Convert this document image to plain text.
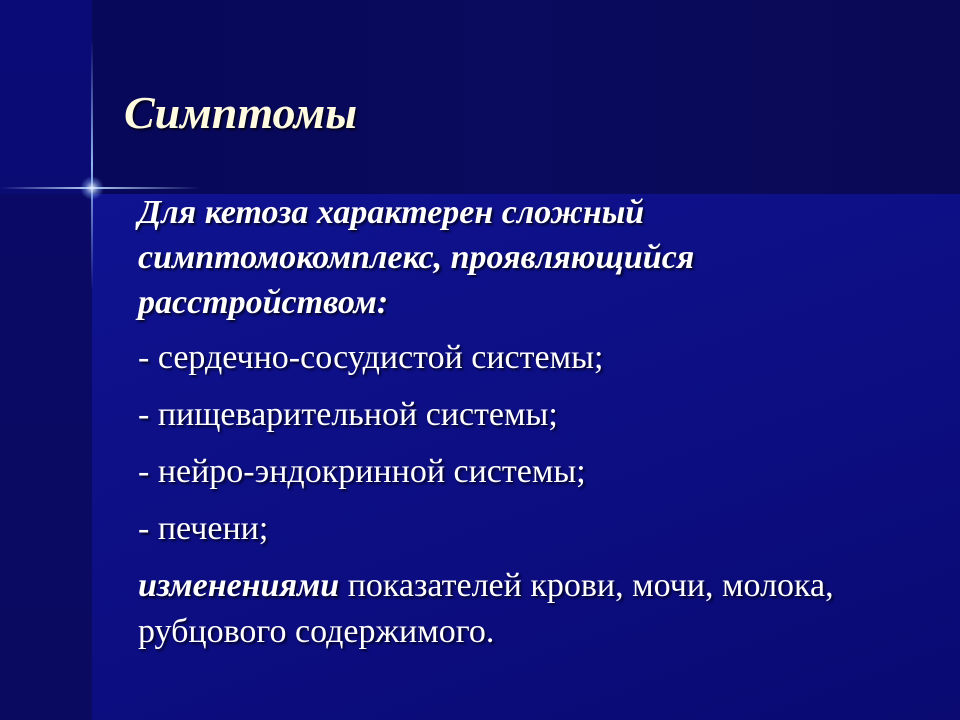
Симптомы

Для кетоза характерен сложный симптомокомплекс, проявляющийся расстройством:

- сердечно-сосудистой системы;

- пищеварительной системы;

- нейро-эндокринной системы;

- печени;

изменениями показателей крови, мочи, молока, рубцового содержимого.
